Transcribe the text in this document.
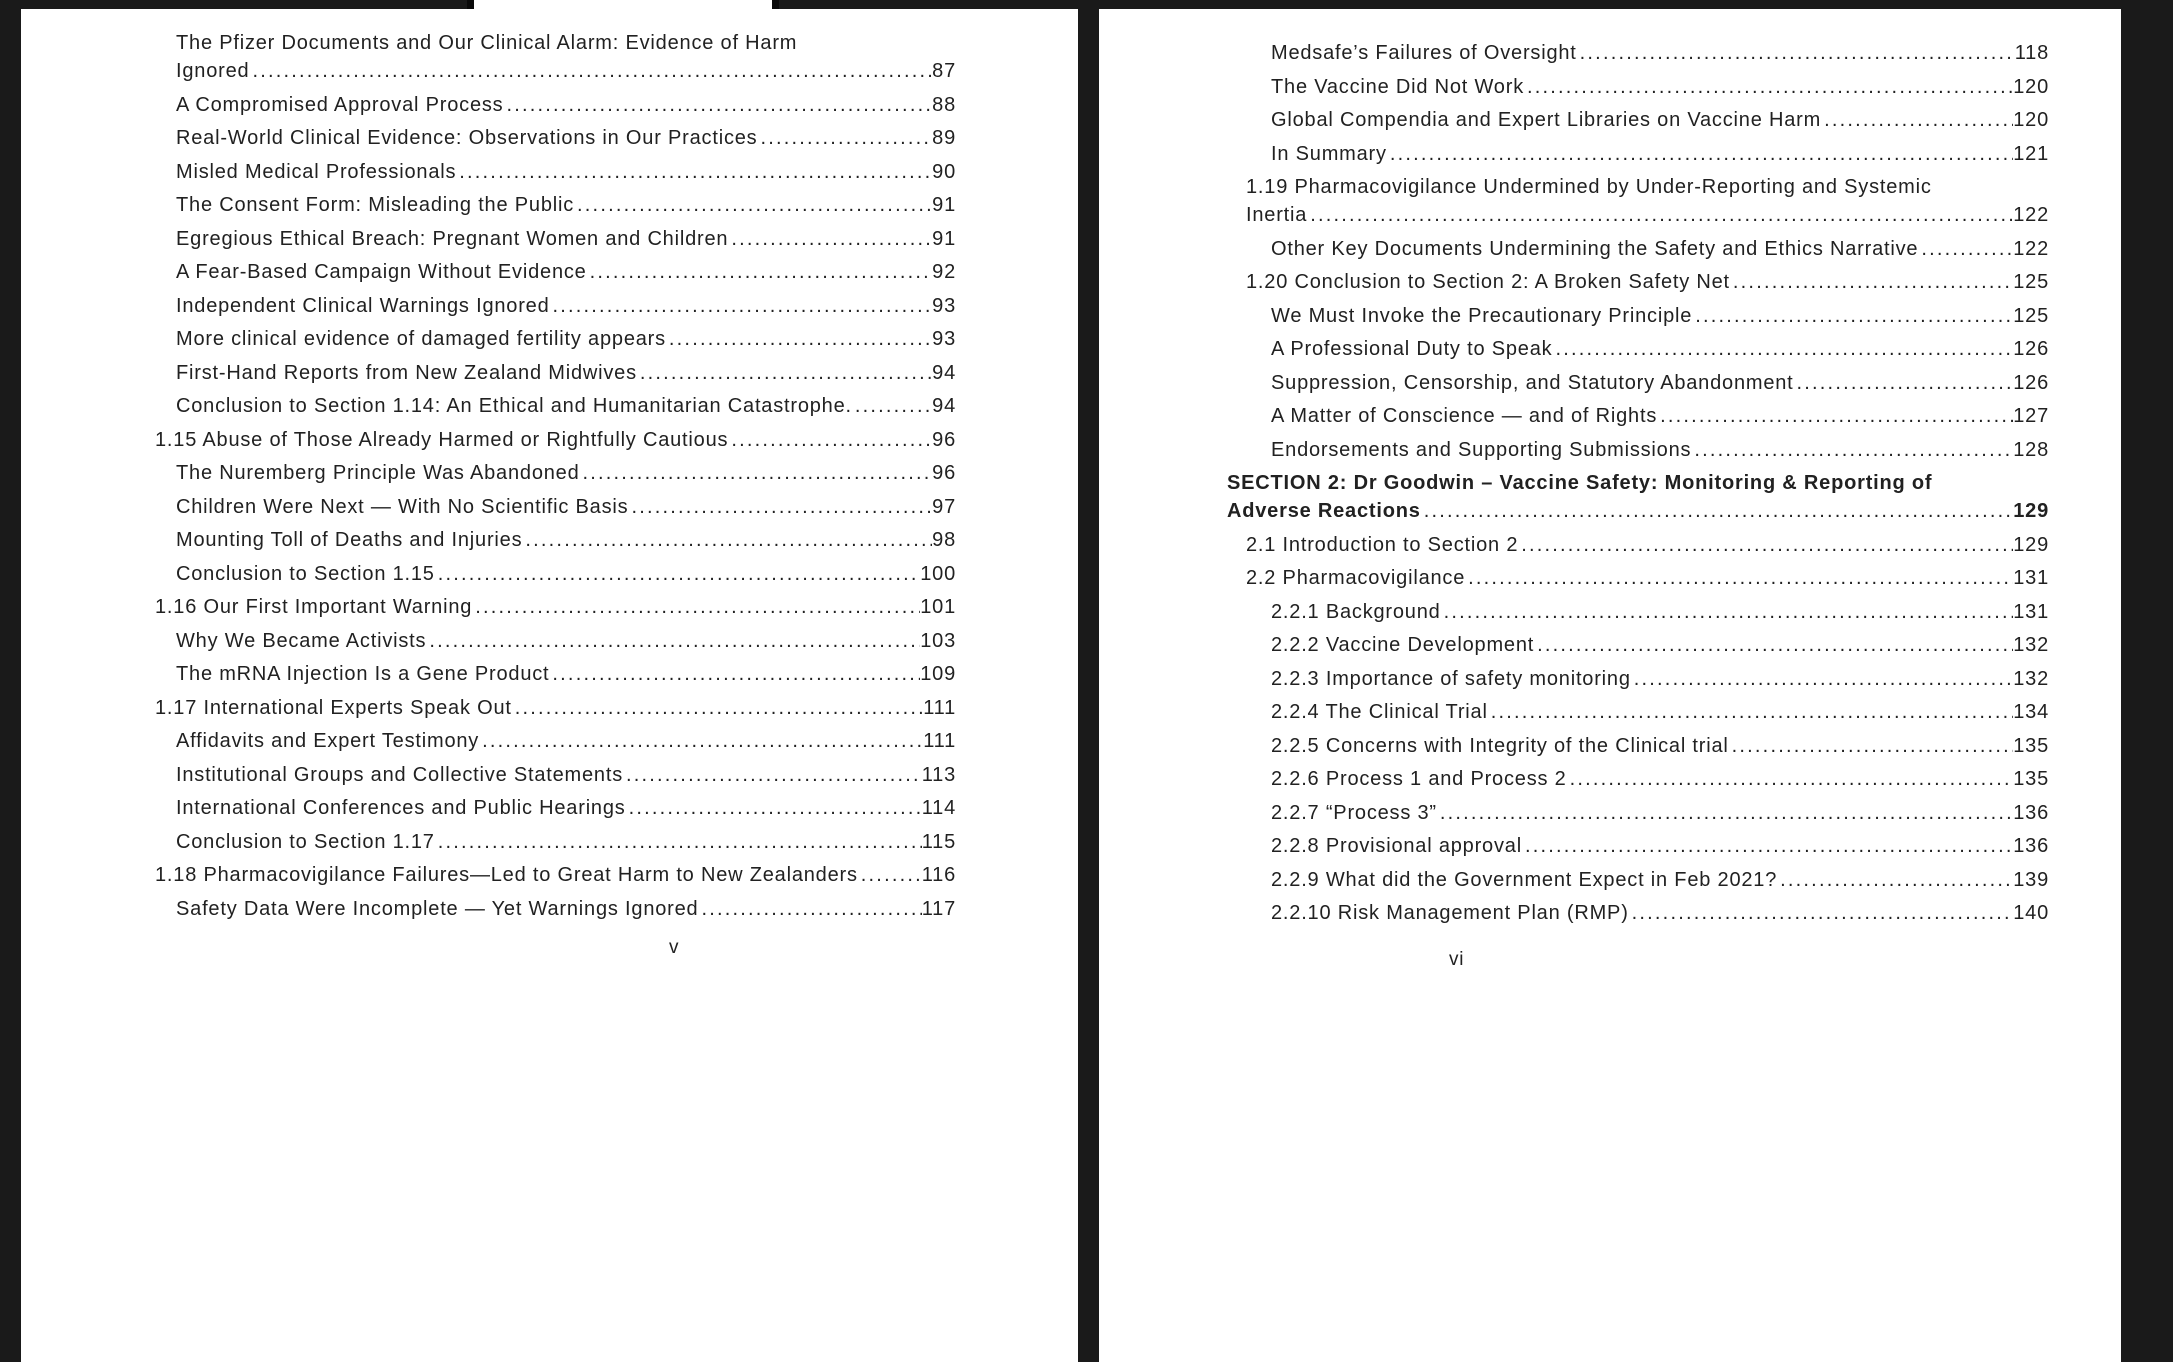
The Pfizer Documents and Our Clinical Alarm: Evidence of Harm
Ignored .....	87
A Compromised Approval Process .....	88
Real-World Clinical Evidence: Observations in Our Practices .....	89
Misled Medical Professionals .....	90
The Consent Form: Misleading the Public .....	91
Egregious Ethical Breach: Pregnant Women and Children .....	91
A Fear-Based Campaign Without Evidence .....	92
Independent Clinical Warnings Ignored .....	93
More clinical evidence of damaged fertility appears .....	93
First-Hand Reports from New Zealand Midwives .....	94
Conclusion to Section 1.14: An Ethical and Humanitarian Catastrophe. .....	94
1.15 Abuse of Those Already Harmed or Rightfully Cautious .....	96
The Nuremberg Principle Was Abandoned .....	96
Children Were Next — With No Scientific Basis .....	97
Mounting Toll of Deaths and Injuries .....	98
Conclusion to Section 1.15 .....	100
1.16 Our First Important Warning .....	101
Why We Became Activists .....	103
The mRNA Injection Is a Gene Product .....	109
1.17 International Experts Speak Out .....	111
Affidavits and Expert Testimony .....	111
Institutional Groups and Collective Statements .....	113
International Conferences and Public Hearings .....	114
Conclusion to Section 1.17 .....	115
1.18 Pharmacovigilance Failures—Led to Great Harm to New Zealanders .....	116
Safety Data Were Incomplete — Yet Warnings Ignored .....	117
v
Medsafe’s Failures of Oversight .....	118
The Vaccine Did Not Work .....	120
Global Compendia and Expert Libraries on Vaccine Harm .....	120
In Summary .....	121
1.19 Pharmacovigilance Undermined by Under-Reporting and Systemic
Inertia .....	122
Other Key Documents Undermining the Safety and Ethics Narrative .....	122
1.20 Conclusion to Section 2: A Broken Safety Net .....	125
We Must Invoke the Precautionary Principle .....	125
A Professional Duty to Speak .....	126
Suppression, Censorship, and Statutory Abandonment .....	126
A Matter of Conscience — and of Rights .....	127
Endorsements and Supporting Submissions .....	128
SECTION 2: Dr Goodwin – Vaccine Safety: Monitoring & Reporting of
Adverse Reactions .....	129
2.1 Introduction to Section 2 .....	129
2.2 Pharmacovigilance .....	131
2.2.1 Background .....	131
2.2.2 Vaccine Development .....	132
2.2.3 Importance of safety monitoring .....	132
2.2.4 The Clinical Trial .....	134
2.2.5 Concerns with Integrity of the Clinical trial .....	135
2.2.6 Process 1 and Process 2 .....	135
2.2.7 “Process 3” .....	136
2.2.8 Provisional approval .....	136
2.2.9 What did the Government Expect in Feb 2021? .....	139
2.2.10 Risk Management Plan (RMP) .....	140
vi
